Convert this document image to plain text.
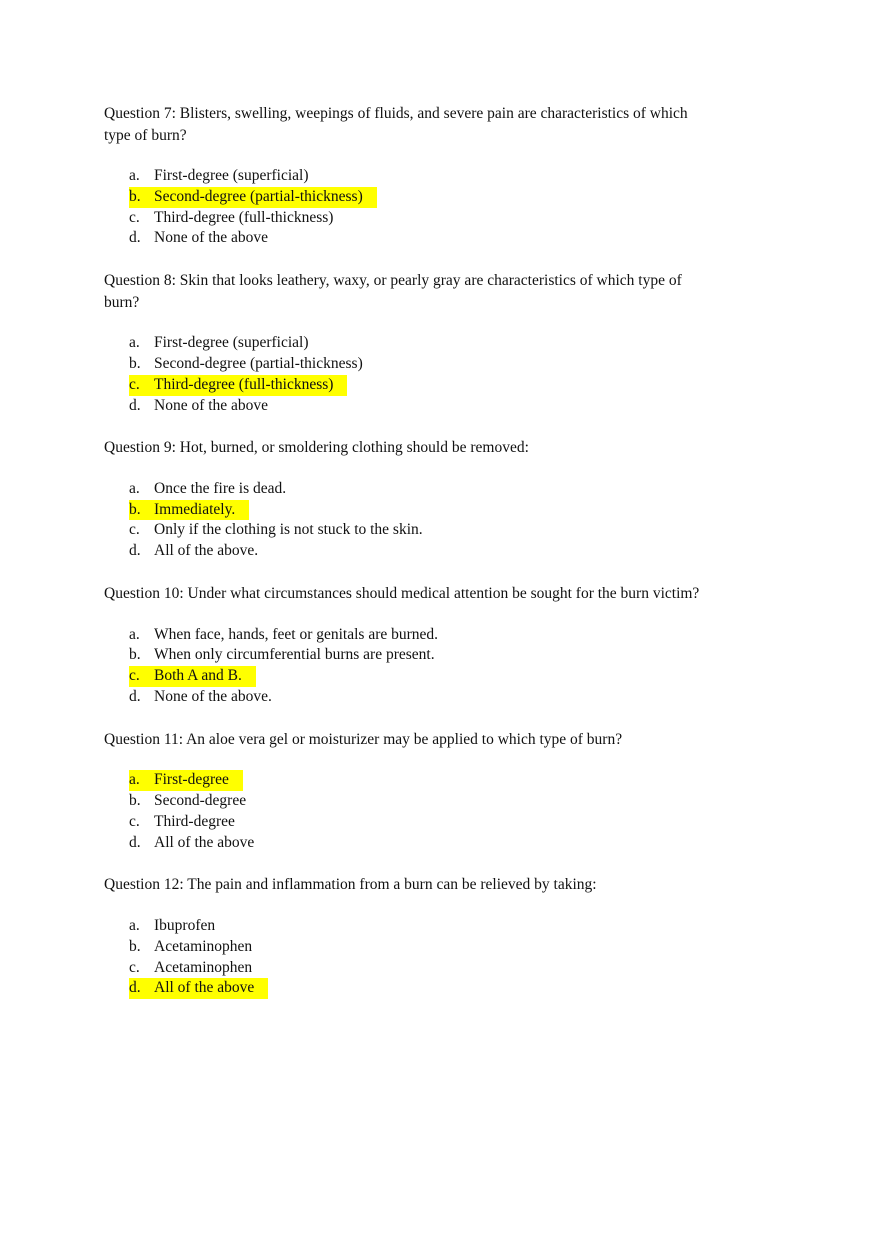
Question 7: Blisters, swelling, weepings of fluids, and severe pain are characteristics of which type of burn?

a. First-degree (superficial)
b. Second-degree (partial-thickness)
c. Third-degree (full-thickness)
d. None of the above

Question 8: Skin that looks leathery, waxy, or pearly gray are characteristics of which type of burn?

a. First-degree (superficial)
b. Second-degree (partial-thickness)
c. Third-degree (full-thickness)
d. None of the above

Question 9: Hot, burned, or smoldering clothing should be removed:

a. Once the fire is dead.
b. Immediately.
c. Only if the clothing is not stuck to the skin.
d. All of the above.

Question 10: Under what circumstances should medical attention be sought for the burn victim?

a. When face, hands, feet or genitals are burned.
b. When only circumferential burns are present.
c. Both A and B.
d. None of the above.

Question 11: An aloe vera gel or moisturizer may be applied to which type of burn?

a. First-degree
b. Second-degree
c. Third-degree
d. All of the above

Question 12: The pain and inflammation from a burn can be relieved by taking:

a. Ibuprofen
b. Acetaminophen
c. Acetaminophen
d. All of the above
